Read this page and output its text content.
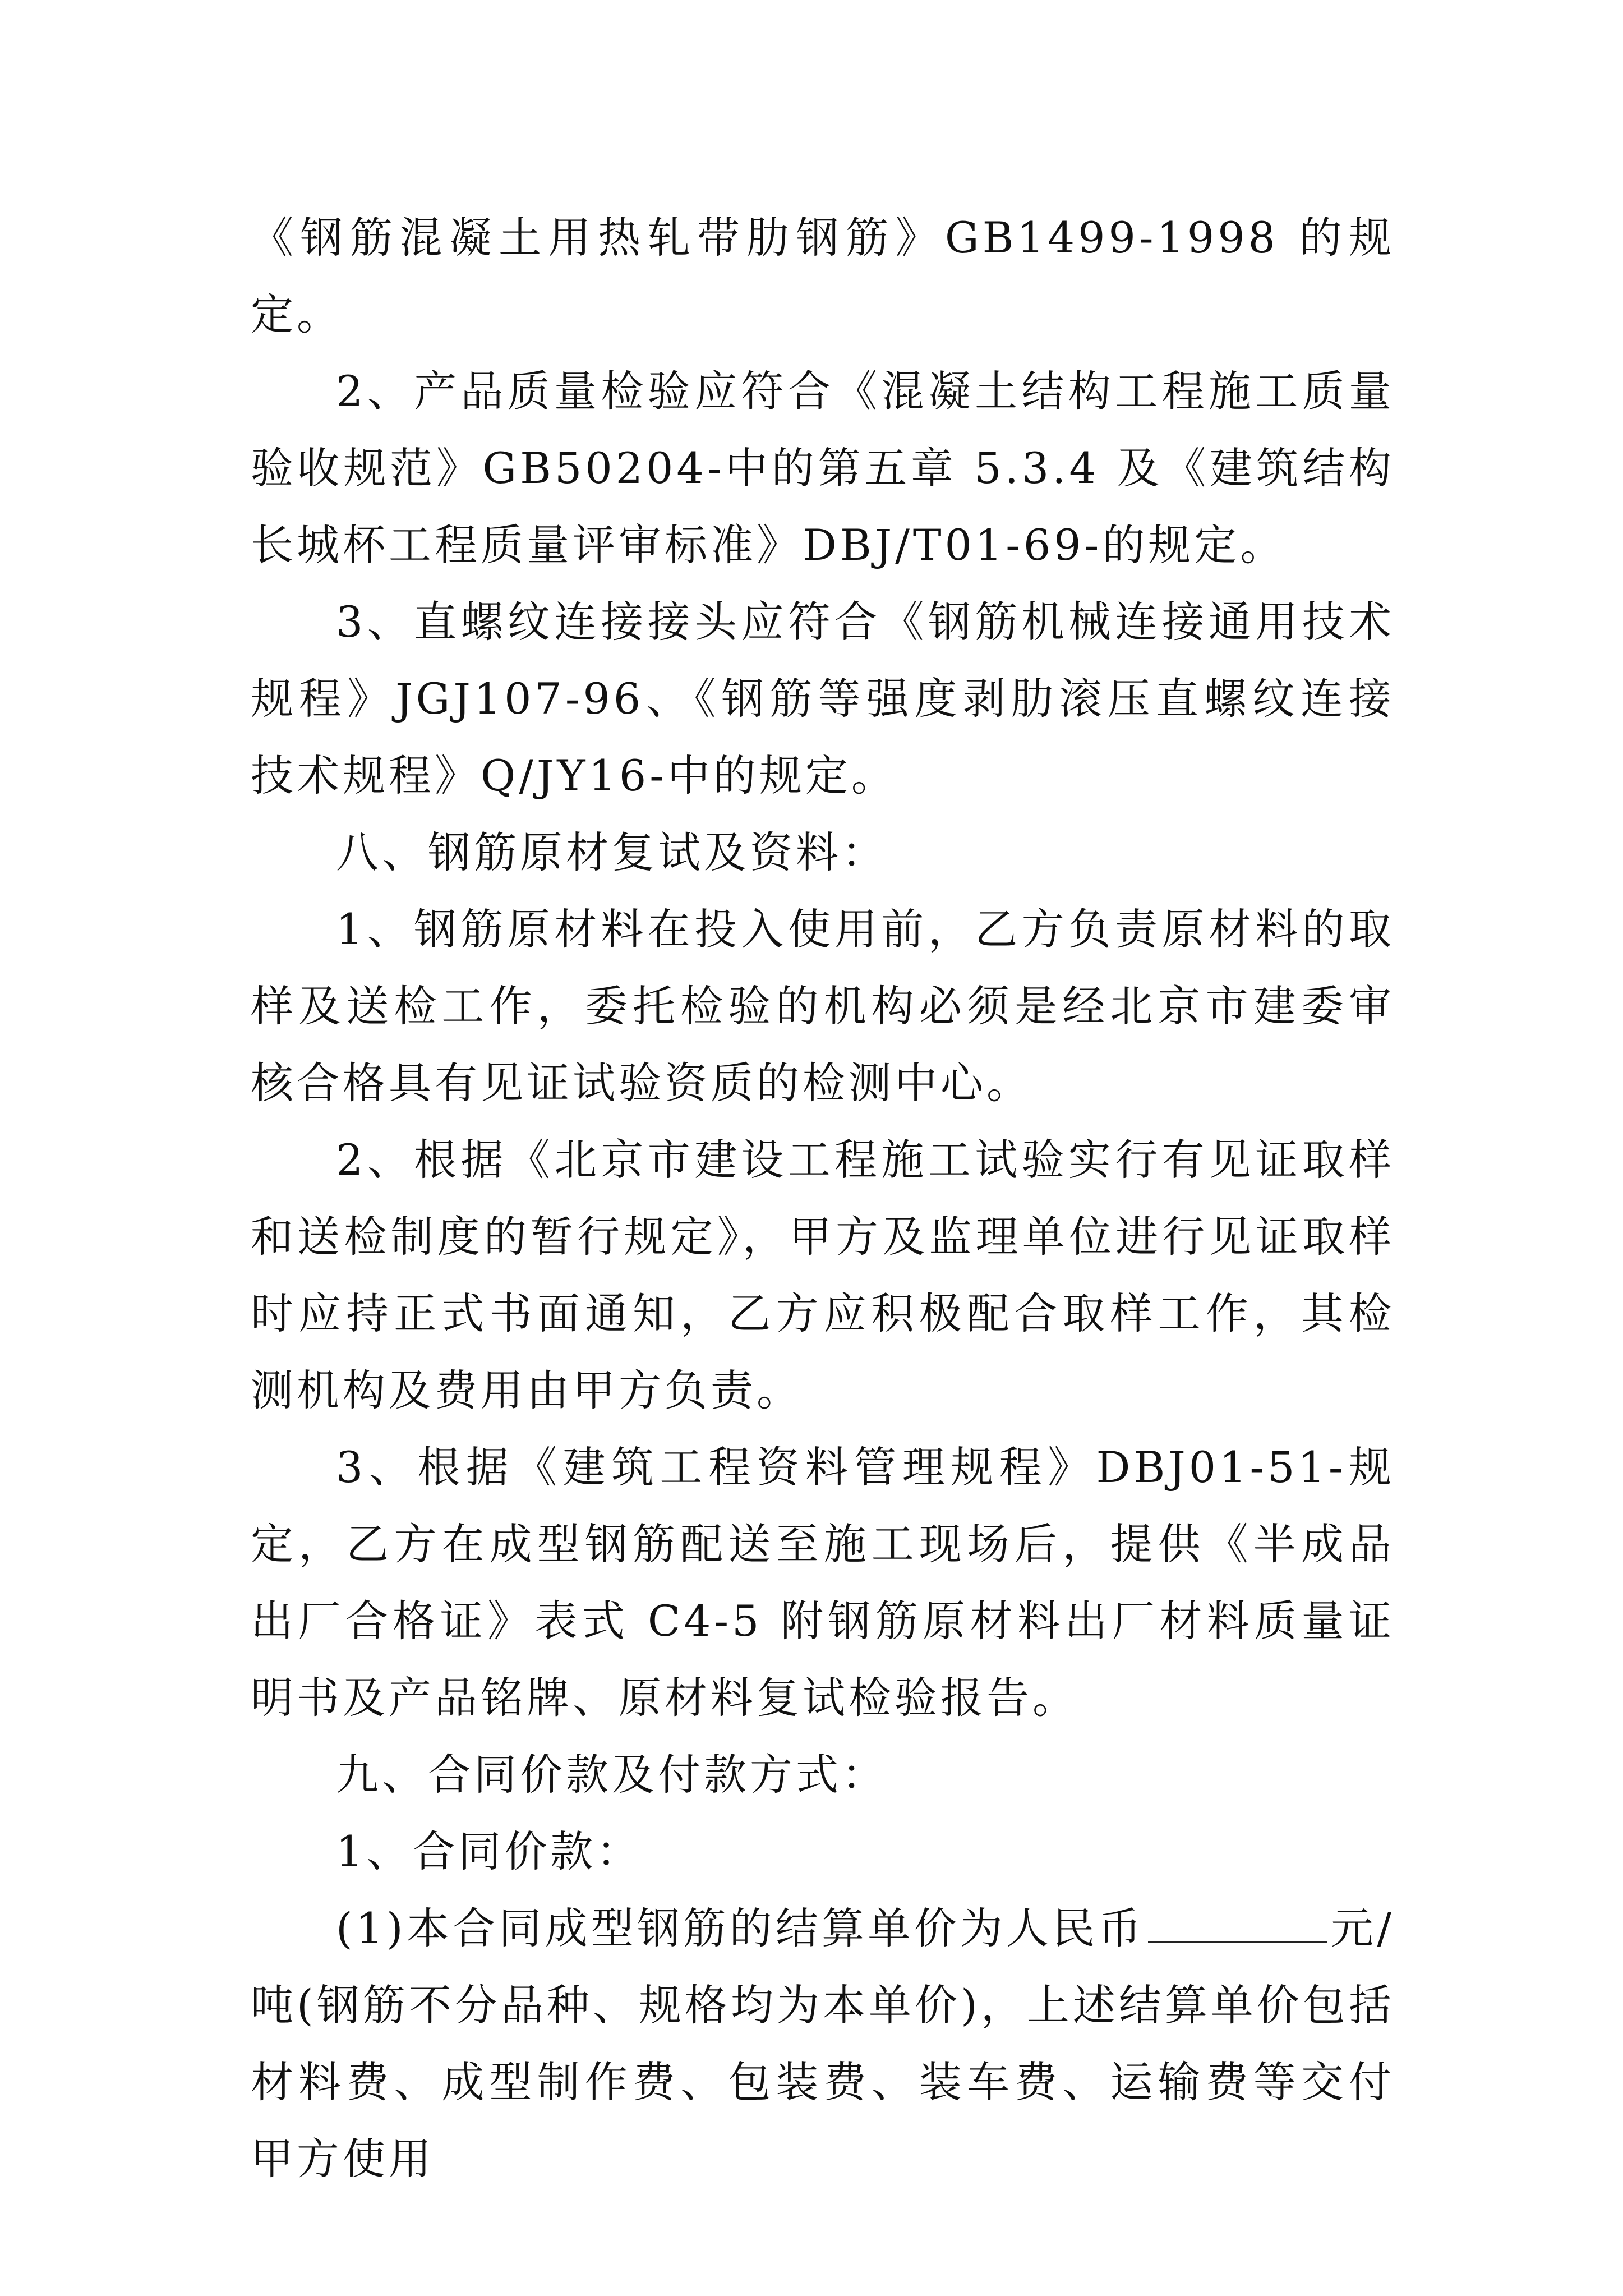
《钢筋混凝土用热轧带肋钢筋》GB1499-1998 的规定。

2、产品质量检验应符合《混凝土结构工程施工质量验收规范》GB50204-中的第五章 5.3.4 及《建筑结构长城杯工程质量评审标准》DBJ/T01-69-的规定。

3、直螺纹连接接头应符合《钢筋机械连接通用技术规程》JGJ107-96、《钢筋等强度剥肋滚压直螺纹连接技术规程》Q/JY16-中的规定。

八、钢筋原材复试及资料：

1、钢筋原材料在投入使用前，乙方负责原材料的取样及送检工作，委托检验的机构必须是经北京市建委审核合格具有见证试验资质的检测中心。

2、根据《北京市建设工程施工试验实行有见证取样和送检制度的暂行规定》，甲方及监理单位进行见证取样时应持正式书面通知，乙方应积极配合取样工作，其检测机构及费用由甲方负责。

3、根据《建筑工程资料管理规程》DBJ01-51-规定，乙方在成型钢筋配送至施工现场后，提供《半成品出厂合格证》表式 C4-5 附钢筋原材料出厂材料质量证明书及产品铭牌、原材料复试检验报告。

九、合同价款及付款方式：

1、合同价款：

(1)本合同成型钢筋的结算单价为人民币	元/吨(钢筋不分品种、规格均为本单价)，上述结算单价包括材料费、成型制作费、包装费、装车费、运输费等交付甲方使用
